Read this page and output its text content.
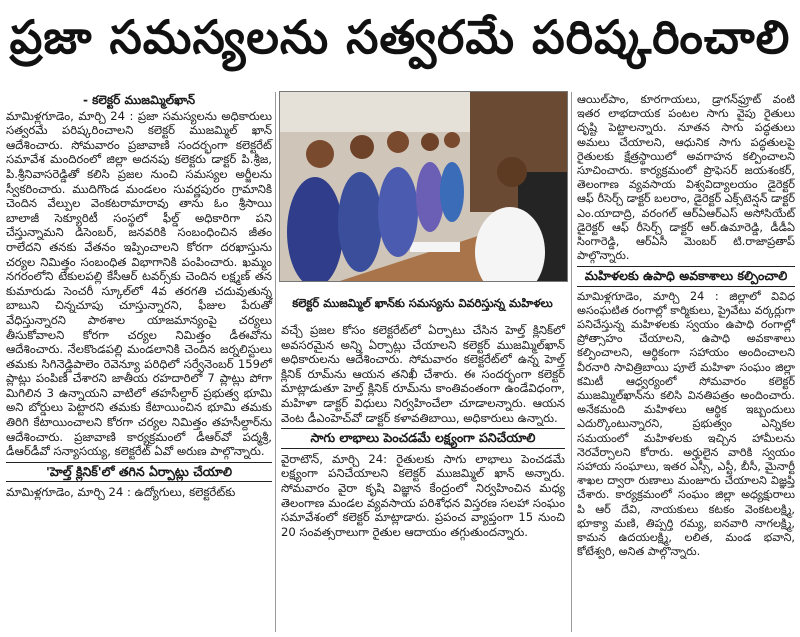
ప్రజా సమస్యలను సత్వరమే పరిష్కరించాలి
- కలెక్టర్ ముజమ్మిల్‌ఖాన్

మామిళ్లగూడెం, మార్చి 24 : ప్రజా సమస్యలను అధికారులు సత్వరమే పరిష్కరించాలని కలెక్టర్ ముజమ్మిల్ ఖాన్ ఆదేశించారు. సోమవారం ప్రజావాణి సందర్భంగా కలెక్టరేట్ సమావేశ మందిరంలో జిల్లా అదనపు కలెక్టరు డాక్టర్ పి.శ్రీజ, పి.శ్రీనివాసరెడ్డితో కలిసి ప్రజల నుంచి సమస్యల అర్జీలను స్వీకరించారు. ముదిగొండ మండలం సువర్ణపురం గ్రామానికి చెందిన వేల్పుల వెంకటరామారావు తాను ఓం శ్రీసాయి బాలాజీ సెక్యూరిటీ సంస్థలో ఫీల్డ్ అధికారిగా పని చేస్తున్నామని డిసెంబర్, జనవరికి సంబంధించిన జీతం రాలేదని తనకు వేతనం ఇప్పించాలని కోరగా దరఖాస్తును చర్యల నిమిత్తం సంబంధిత విభాగానికి పంపించారు. ఖమ్మం నగరంలోని టేకులపల్లి కేసీఆర్ టవర్స్‌కు చెందిన లక్ష్మణ్ తన కుమారుడు సెంచరీ స్కూల్‌లో 4వ తరగతి చదువుతున్న బాబుని చిన్నచూపు చూస్తున్నారని, ఫీజుల పేరుతో వేధిస్తున్నారని పాఠశాల యాజమాన్యంపై చర్యలు తీసుకోవాలని కోరగా చర్యల నిమిత్తం డీఈవోను ఆదేశించారు. నేలకొండపల్లి మండలానికి చెందిన జర్నలిస్టులు తమకు సిగినెడ్డిపాలెం రెవెన్యూ పరిధిలో సర్వేనెంబర్ 159లో ప్లాట్లు పంపిణీ చేశారని జాతీయ రహదారిలో 7 ప్లాట్లు పోగా మిగిలిన 3 ఉన్నాయని వాటిలో తహసీల్దార్ ప్రభుత్వ భూమి అని బోర్డులు పెట్టారని తమకు కేటాయించిన భూమి తమకు తిరిగి కేటాయించాలని కోరగా చర్యల నిమిత్తం తహసీల్దార్‌ను ఆదేశించారు. ప్రజావాణి కార్యక్రమంలో డీఆర్‌వో పద్మశ్రీ, డీఆర్‌డీవో సన్యాసయ్య, కలెక్టరేట్ ఏవో అరుణ పాల్గొన్నారు.

'హెల్త్ క్లినిక్'లో తగిన ఏర్పాట్లు చేయాలి

మామిళ్లగూడెం, మార్చి 24 : ఉద్యోగులు, కలెక్టరేట్‌కు

కలెక్టర్ ముజమ్మిల్ ఖాన్‌కు సమస్యను వివరిస్తున్న మహిళలు

వచ్చే ప్రజల కోసం కలెక్టరేట్‌లో ఏర్పాటు చేసిన హెల్త్ క్లినిక్‌లో అవసరమైన అన్ని ఏర్పాట్లు చేయాలని కలెక్టర్ ముజమ్మిల్‌ఖాన్ అధికారులను ఆదేశించారు. సోమవారం కలెక్టరేట్‌లో ఉన్న హెల్త్ క్లినిక్ రూమ్‌ను ఆయన తనిఖీ చేశారు. ఈ సందర్భంగా కలెక్టర్ మాట్లాడుతూ హెల్త్ క్లినిక్ రూమ్‌ను కాంతివంతంగా ఉండేవిధంగా, మహిళా డాక్టర్ విధులు నిర్వహించేలా చూడాలన్నారు. ఆయన వెంట డీఎంహెచ్‌వో డాక్టర్ కళావతిబాయి, అధికారులు ఉన్నారు.

సాగు లాభాలు పెంచడమే లక్ష్యంగా పనిచేయాలి

వైరాటౌన్, మార్చి 24: రైతులకు సాగు లాభాలు పెంచడమే లక్ష్యంగా పనిచేయాలని కలెక్టర్ ముజమ్మిల్ ఖాన్ అన్నారు. సోమవారం వైరా కృషి విజ్ఞాన కేంద్రంలో నిర్వహించిన మధ్య తెలంగాణ మండల వ్యవసాయ పరిశోధన విస్తరణ సలహా సంఘం సమావేశంలో కలెక్టర్ మాట్లాడారు. ప్రపంచ వ్యాప్తంగా 15 నుంచి 20 సంవత్సరాలుగా రైతుల ఆదాయం తగ్గుతుందన్నారు.

ఆయిల్‌పాం, కూరగాయలు, డ్రాగన్‌ఫ్రూట్ వంటి ఇతర లాభదాయక పంటల సాగు వైపు రైతులు దృష్టి పెట్టాలన్నారు. నూతన సాగు పద్ధతులు అమలు చేయాలని, ఆధునిక సాగు పద్ధతులపై రైతులకు క్షేత్రస్థాయిలో అవగాహన కల్పించాలని సూచించారు. కార్యక్రమంలో ప్రొఫెసర్ జయశంకర్, తెలంగాణ వ్యవసాయ విశ్వవిద్యాలయం డైరెక్టర్ ఆఫ్ రీసెర్చ్ డాక్టర్ బలరాం, డైరెక్టర్ ఎక్స్‌టెన్షన్ డాక్టర్ ఎం.యాదాద్రి, వరంగల్ ఆర్‌ఏఆర్‌ఎస్ అసోసియేట్ డైరెక్టర్ ఆఫ్ రీసెర్చ్ డాక్టర్ ఆర్.ఉమారెడ్డి, డీడీఏ సింగారెడ్డి, ఆర్‌ఏసీ మెంబర్ టి.రాజాప్రతాప్ పాల్గొన్నారు.

మహిళలకు ఉపాధి అవకాశాలు కల్పించాలి

మామిళ్లగూడెం, మార్చి 24 : జిల్లాలో వివిధ అసంఘటిత రంగాల్లో కార్మికులు, ప్రైవేటు వర్కర్లుగా పనిచేస్తున్న మహిళలకు స్వయం ఉపాధి రంగాల్లో ప్రోత్సాహం చేయాలని, ఉపాధి అవకాశాలు కల్పించాలని, ఆర్థికంగా సహాయం అందించాలని వీరనారి సావిత్రిబాయి పూలే మహిళా సంఘం జిల్లా కమిటీ ఆధ్వర్యంలో సోమవారం కలెక్టర్ ముజమ్మిల్‌ఖాన్‌ను కలిసి వినతిపత్రం అందించారు. అనేకమంది మహిళలు ఆర్థిక ఇబ్బందులు ఎదుర్కొంటున్నారని, ప్రభుత్వం ఎన్నికల సమయంలో మహిళలకు ఇచ్చిన హామీలను నెరవేర్చాలని కోరారు. అర్హులైన వారికి స్వయం సహాయ సంఘాలు, ఇతర ఎస్సీ, ఎస్టీ, బీసీ, మైనార్టీ శాఖల ద్వారా రుణాలు మంజూరు చేయాలని విజ్ఞప్తి చేశారు. కార్యక్రమంలో సంఘం జిల్లా అధ్యక్షురాలు పి ఆర్ దేవి, నాయకులు కటకం వెంకటలక్ష్మి, భూక్యా మణి, తిప్పర్తి రమ్య, ఐనవారి నాగలక్ష్మి, కామన ఉదయలక్ష్మి, లలిత, మండ భవాని, కోటేశ్వరి, అనిత పాల్గొన్నారు.
